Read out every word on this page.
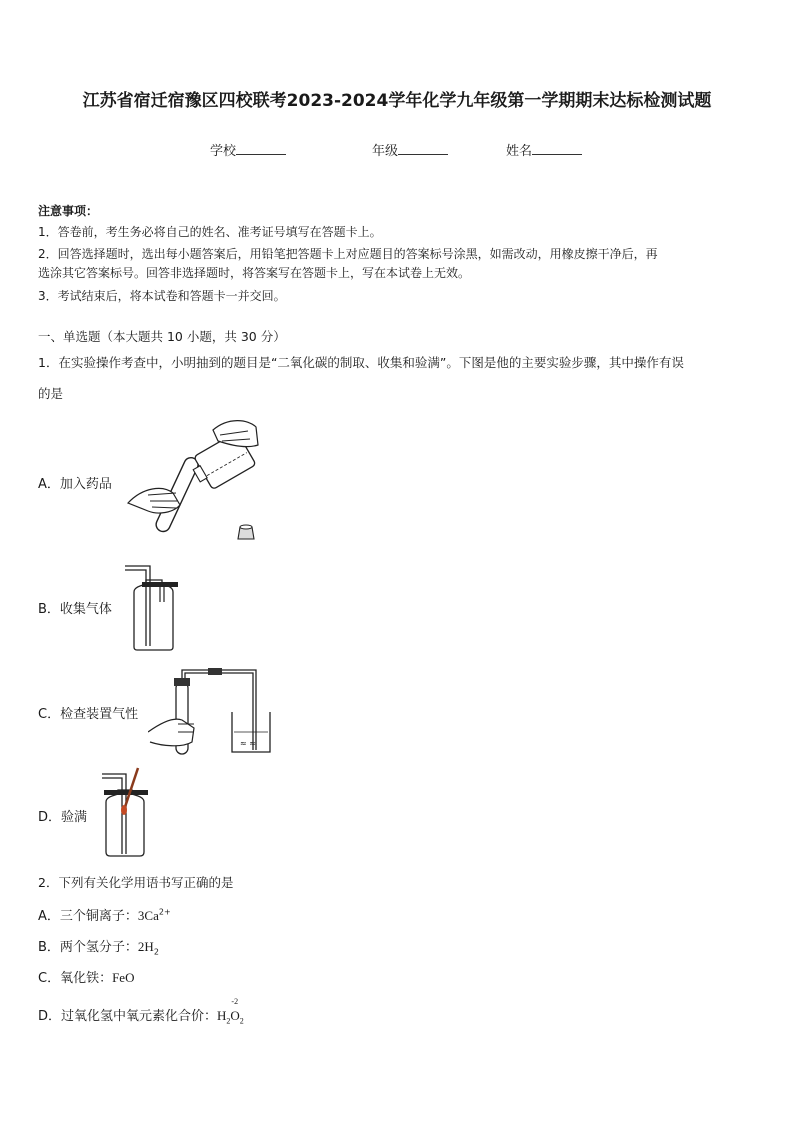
江苏省宿迁宿豫区四校联考2023-2024学年化学九年级第一学期期末达标检测试题
学校	年级	姓名
注意事项：
1．答卷前，考生务必将自己的姓名、准考证号填写在答题卡上。
2．回答选择题时，选出每小题答案后，用铅笔把答题卡上对应题目的答案标号涂黑，如需改动，用橡皮擦干净后，再
选涂其它答案标号。回答非选择题时，将答案写在答题卡上，写在本试卷上无效。
3．考试结束后，将本试卷和答题卡一并交回。
一、单选题（本大题共 10 小题，共 30 分）
1．在实验操作考查中，小明抽到的题目是“二氧化碳的制取、收集和验满”。下图是他的主要实验步骤，其中操作有误
的是
A．加入药品
B．收集气体
C．检查装置气性
≈ ≈
D．验满
2．下列有关化学用语书写正确的是
A．三个铜离子：$3Ca^{2+}$
B．两个氢分子：$2H_2$
C．氧化铁：FeO
D．过氧化氢中氧元素化合价：$H_2$
-2
$O_2$
